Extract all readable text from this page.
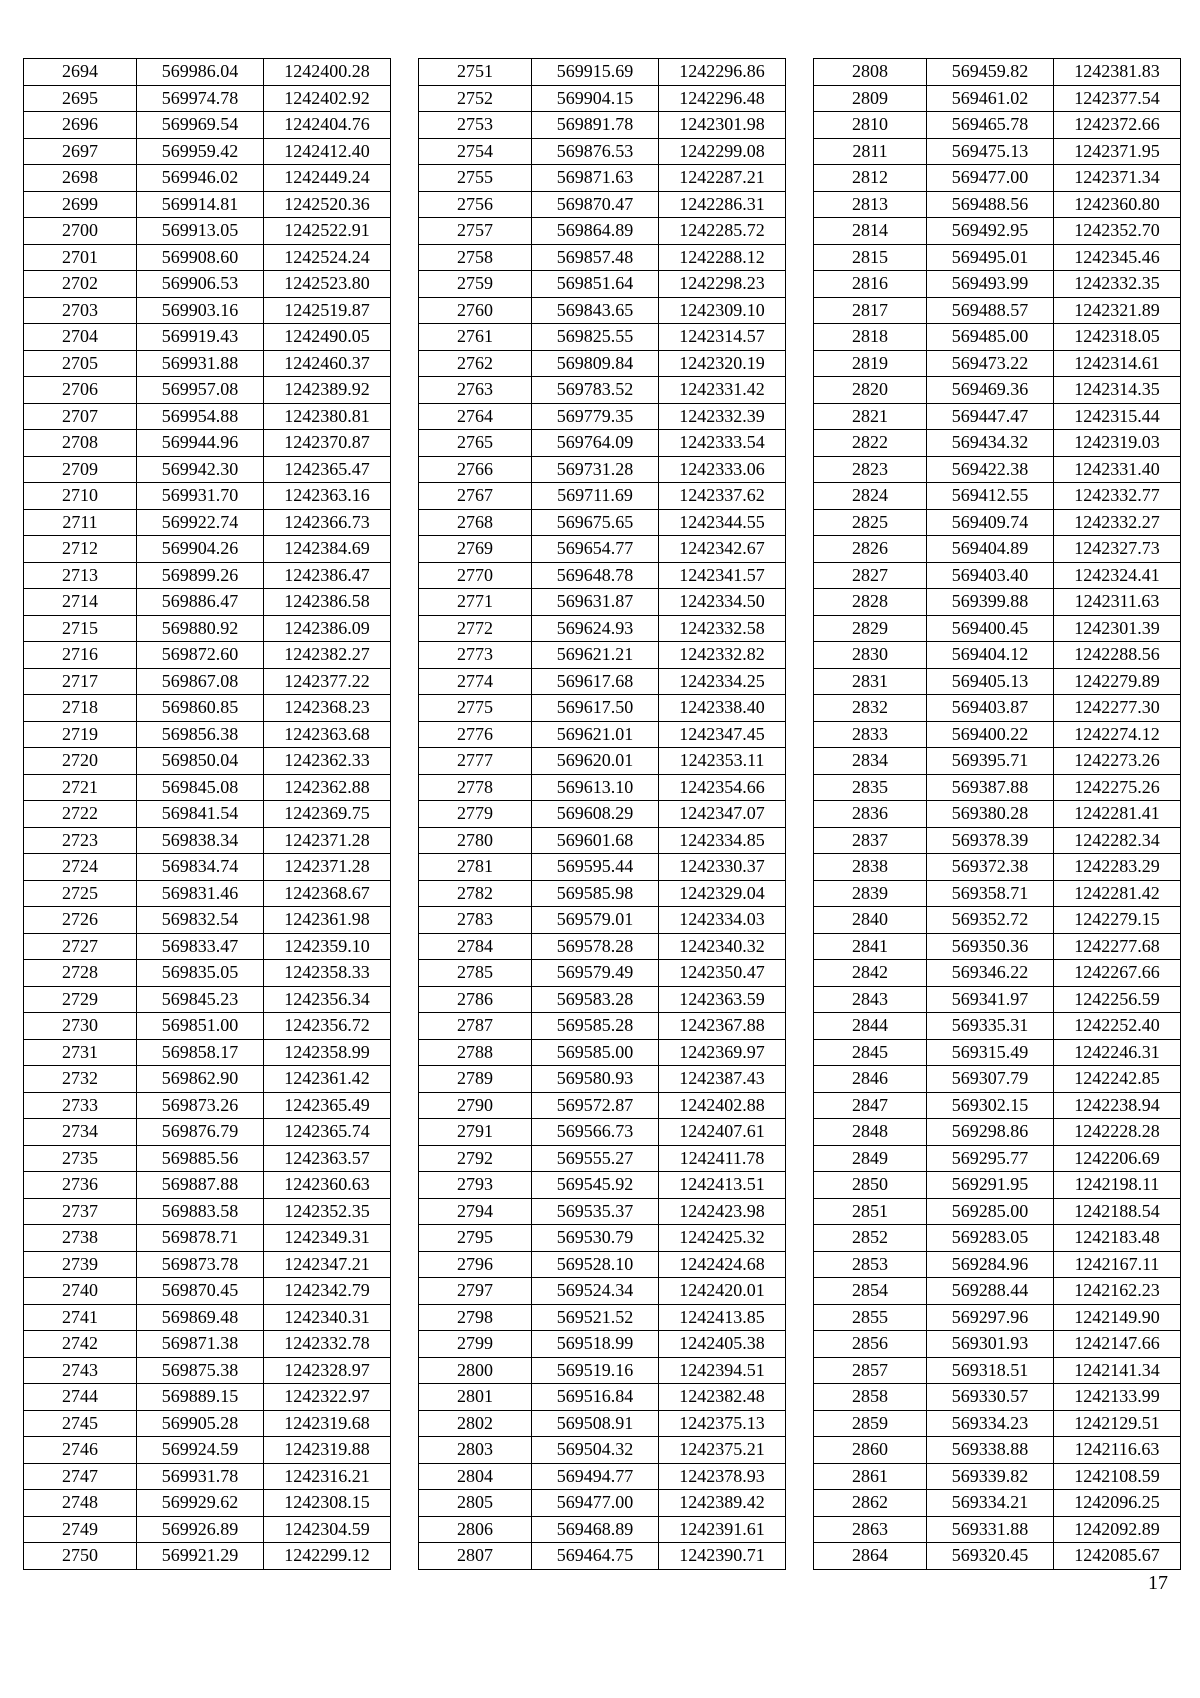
2694	569986.04	1242400.28
2695	569974.78	1242402.92
2696	569969.54	1242404.76
2697	569959.42	1242412.40
2698	569946.02	1242449.24
2699	569914.81	1242520.36
2700	569913.05	1242522.91
2701	569908.60	1242524.24
2702	569906.53	1242523.80
2703	569903.16	1242519.87
2704	569919.43	1242490.05
2705	569931.88	1242460.37
2706	569957.08	1242389.92
2707	569954.88	1242380.81
2708	569944.96	1242370.87
2709	569942.30	1242365.47
2710	569931.70	1242363.16
2711	569922.74	1242366.73
2712	569904.26	1242384.69
2713	569899.26	1242386.47
2714	569886.47	1242386.58
2715	569880.92	1242386.09
2716	569872.60	1242382.27
2717	569867.08	1242377.22
2718	569860.85	1242368.23
2719	569856.38	1242363.68
2720	569850.04	1242362.33
2721	569845.08	1242362.88
2722	569841.54	1242369.75
2723	569838.34	1242371.28
2724	569834.74	1242371.28
2725	569831.46	1242368.67
2726	569832.54	1242361.98
2727	569833.47	1242359.10
2728	569835.05	1242358.33
2729	569845.23	1242356.34
2730	569851.00	1242356.72
2731	569858.17	1242358.99
2732	569862.90	1242361.42
2733	569873.26	1242365.49
2734	569876.79	1242365.74
2735	569885.56	1242363.57
2736	569887.88	1242360.63
2737	569883.58	1242352.35
2738	569878.71	1242349.31
2739	569873.78	1242347.21
2740	569870.45	1242342.79
2741	569869.48	1242340.31
2742	569871.38	1242332.78
2743	569875.38	1242328.97
2744	569889.15	1242322.97
2745	569905.28	1242319.68
2746	569924.59	1242319.88
2747	569931.78	1242316.21
2748	569929.62	1242308.15
2749	569926.89	1242304.59
2750	569921.29	1242299.12
2751	569915.69	1242296.86
2752	569904.15	1242296.48
2753	569891.78	1242301.98
2754	569876.53	1242299.08
2755	569871.63	1242287.21
2756	569870.47	1242286.31
2757	569864.89	1242285.72
2758	569857.48	1242288.12
2759	569851.64	1242298.23
2760	569843.65	1242309.10
2761	569825.55	1242314.57
2762	569809.84	1242320.19
2763	569783.52	1242331.42
2764	569779.35	1242332.39
2765	569764.09	1242333.54
2766	569731.28	1242333.06
2767	569711.69	1242337.62
2768	569675.65	1242344.55
2769	569654.77	1242342.67
2770	569648.78	1242341.57
2771	569631.87	1242334.50
2772	569624.93	1242332.58
2773	569621.21	1242332.82
2774	569617.68	1242334.25
2775	569617.50	1242338.40
2776	569621.01	1242347.45
2777	569620.01	1242353.11
2778	569613.10	1242354.66
2779	569608.29	1242347.07
2780	569601.68	1242334.85
2781	569595.44	1242330.37
2782	569585.98	1242329.04
2783	569579.01	1242334.03
2784	569578.28	1242340.32
2785	569579.49	1242350.47
2786	569583.28	1242363.59
2787	569585.28	1242367.88
2788	569585.00	1242369.97
2789	569580.93	1242387.43
2790	569572.87	1242402.88
2791	569566.73	1242407.61
2792	569555.27	1242411.78
2793	569545.92	1242413.51
2794	569535.37	1242423.98
2795	569530.79	1242425.32
2796	569528.10	1242424.68
2797	569524.34	1242420.01
2798	569521.52	1242413.85
2799	569518.99	1242405.38
2800	569519.16	1242394.51
2801	569516.84	1242382.48
2802	569508.91	1242375.13
2803	569504.32	1242375.21
2804	569494.77	1242378.93
2805	569477.00	1242389.42
2806	569468.89	1242391.61
2807	569464.75	1242390.71
2808	569459.82	1242381.83
2809	569461.02	1242377.54
2810	569465.78	1242372.66
2811	569475.13	1242371.95
2812	569477.00	1242371.34
2813	569488.56	1242360.80
2814	569492.95	1242352.70
2815	569495.01	1242345.46
2816	569493.99	1242332.35
2817	569488.57	1242321.89
2818	569485.00	1242318.05
2819	569473.22	1242314.61
2820	569469.36	1242314.35
2821	569447.47	1242315.44
2822	569434.32	1242319.03
2823	569422.38	1242331.40
2824	569412.55	1242332.77
2825	569409.74	1242332.27
2826	569404.89	1242327.73
2827	569403.40	1242324.41
2828	569399.88	1242311.63
2829	569400.45	1242301.39
2830	569404.12	1242288.56
2831	569405.13	1242279.89
2832	569403.87	1242277.30
2833	569400.22	1242274.12
2834	569395.71	1242273.26
2835	569387.88	1242275.26
2836	569380.28	1242281.41
2837	569378.39	1242282.34
2838	569372.38	1242283.29
2839	569358.71	1242281.42
2840	569352.72	1242279.15
2841	569350.36	1242277.68
2842	569346.22	1242267.66
2843	569341.97	1242256.59
2844	569335.31	1242252.40
2845	569315.49	1242246.31
2846	569307.79	1242242.85
2847	569302.15	1242238.94
2848	569298.86	1242228.28
2849	569295.77	1242206.69
2850	569291.95	1242198.11
2851	569285.00	1242188.54
2852	569283.05	1242183.48
2853	569284.96	1242167.11
2854	569288.44	1242162.23
2855	569297.96	1242149.90
2856	569301.93	1242147.66
2857	569318.51	1242141.34
2858	569330.57	1242133.99
2859	569334.23	1242129.51
2860	569338.88	1242116.63
2861	569339.82	1242108.59
2862	569334.21	1242096.25
2863	569331.88	1242092.89
2864	569320.45	1242085.67
17
